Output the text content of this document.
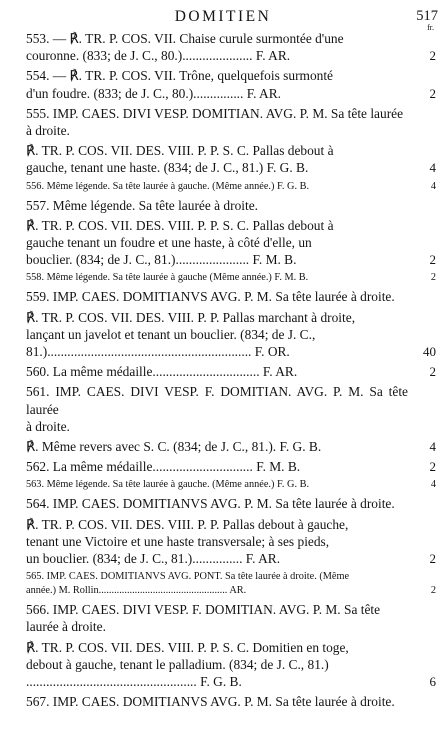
DOMITIEN	517
fr.
553. — ℟. TR. P. COS. VII. Chaise curule surmontée d'une
couronne. (833; de J. C., 80.)..................... F. AR.	2
554. — ℟. TR. P. COS. VII. Trône, quelquefois surmonté
d'un foudre. (833; de J. C., 80.)............... F. AR.	2
555. IMP. CAES. DIVI VESP. DOMITIAN. AVG. P. M. Sa tête laurée
à droite.
℟. TR. P. COS. VII. DES. VIII. P. P. S. C. Pallas debout à
gauche, tenant une haste. (834; de J. C., 81.) F. G. B.	4
556. Même légende. Sa tête laurée à gauche. (Même année.) F. G. B.	4
557. Même légende. Sa tête laurée à droite.
℟. TR. P. COS. VII. DES. VIII. P. P. S. C. Pallas debout à
gauche tenant un foudre et une haste, à côté d'elle, un
bouclier. (834; de J. C., 81.)...................... F. M. B.	2
558. Même légende. Sa tête laurée à gauche (Même année.) F. M. B.	2
559. IMP. CAES. DOMITIANVS AVG. P. M. Sa tête laurée à droite.
℟. TR. P. COS. VII. DES. VIII. P. P. Pallas marchant à droite,
lançant un javelot et tenant un bouclier. (834; de J. C.,
81.)............................................................. F. OR.	40
560. La même médaille................................ F. AR.	2
561. IMP. CAES. DIVI VESP. F. DOMITIAN. AVG. P. M. Sa tête laurée
à droite.
℟. Même revers avec S. C. (834; de J. C., 81.). F. G. B.	4
562. La même médaille.............................. F. M. B.	2
563. Même légende. Sa tête laurée à gauche. (Même année.) F. G. B.	4
564. IMP. CAES. DOMITIANVS AVG. P. M. Sa tête laurée à droite.
℟. TR. P. COS. VII. DES. VIII. P. P. Pallas debout à gauche,
tenant une Victoire et une haste transversale; à ses pieds,
un bouclier. (834; de J. C., 81.)............... F. AR.	2
565. IMP. CAES. DOMITIANVS AVG. PONT. Sa tête laurée à droite. (Même
année.) M. Rollin.................................................. AR.	2
566. IMP. CAES. DIVI VESP. F. DOMITIAN. AVG. P. M. Sa tête
laurée à droite.
℟. TR. P. COS. VII. DES. VIII. P. P. S. C. Domitien en toge,
debout à gauche, tenant le palladium. (834; de J. C., 81.)
................................................... F. G. B.	6
567. IMP. CAES. DOMITIANVS AVG. P. M. Sa tête laurée à droite.
